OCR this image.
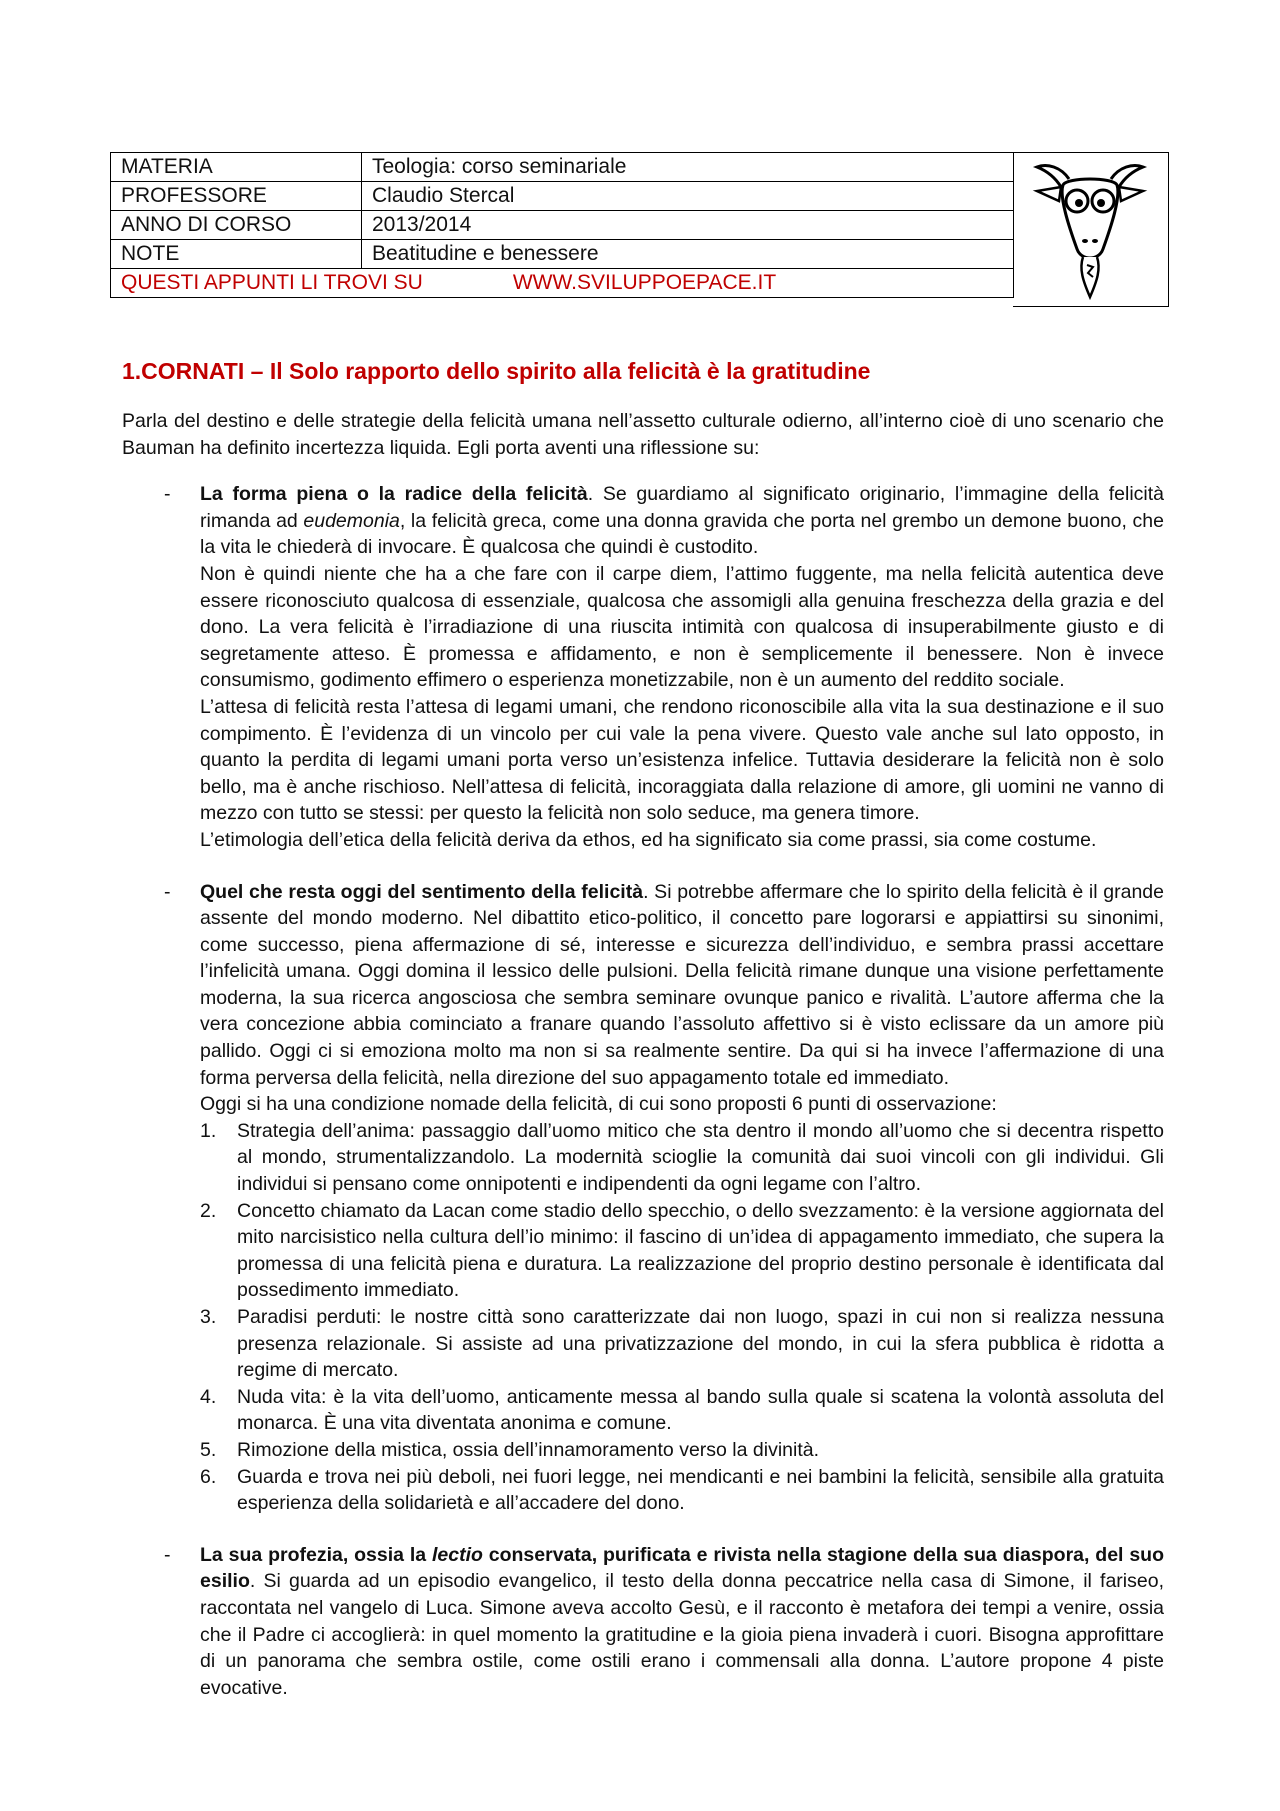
MATERIA	Teologia: corso seminariale
PROFESSORE	Claudio Stercal
ANNO DI CORSO	2013/2014
NOTE	Beatitudine e benessere
QUESTI APPUNTI LI TROVI SU WWW.SVILUPPOEPACE.IT	
1.CORNATI – Il Solo rapporto dello spirito alla felicità è la gratitudine

Parla del destino e delle strategie della felicità umana nell’assetto culturale odierno, all’interno cioè di uno scenario che Bauman ha definito incertezza liquida. Egli porta aventi una riflessione su:

- La forma piena o la radice della felicità. Se guardiamo al significato originario, l’immagine della felicità rimanda ad eudemonia, la felicità greca, come una donna gravida che porta nel grembo un demone buono, che la vita le chiederà di invocare. È qualcosa che quindi è custodito.
Non è quindi niente che ha a che fare con il carpe diem, l’attimo fuggente, ma nella felicità autentica deve essere riconosciuto qualcosa di essenziale, qualcosa che assomigli alla genuina freschezza della grazia e del dono. La vera felicità è l’irradiazione di una riuscita intimità con qualcosa di insuperabilmente giusto e di segretamente atteso. È promessa e affidamento, e non è semplicemente il benessere. Non è invece consumismo, godimento effimero o esperienza monetizzabile, non è un aumento del reddito sociale.
L’attesa di felicità resta l’attesa di legami umani, che rendono riconoscibile alla vita la sua destinazione e il suo compimento. È l’evidenza di un vincolo per cui vale la pena vivere. Questo vale anche sul lato opposto, in quanto la perdita di legami umani porta verso un’esistenza infelice. Tuttavia desiderare la felicità non è solo bello, ma è anche rischioso. Nell’attesa di felicità, incoraggiata dalla relazione di amore, gli uomini ne vanno di mezzo con tutto se stessi: per questo la felicità non solo seduce, ma genera timore.
L’etimologia dell’etica della felicità deriva da ethos, ed ha significato sia come prassi, sia come costume.
- Quel che resta oggi del sentimento della felicità. Si potrebbe affermare che lo spirito della felicità è il grande assente del mondo moderno. Nel dibattito etico-politico, il concetto pare logorarsi e appiattirsi su sinonimi, come successo, piena affermazione di sé, interesse e sicurezza dell’individuo, e sembra prassi accettare l’infelicità umana. Oggi domina il lessico delle pulsioni. Della felicità rimane dunque una visione perfettamente moderna, la sua ricerca angosciosa che sembra seminare ovunque panico e rivalità. L’autore afferma che la vera concezione abbia cominciato a franare quando l’assoluto affettivo si è visto eclissare da un amore più pallido. Oggi ci si emoziona molto ma non si sa realmente sentire. Da qui si ha invece l’affermazione di una forma perversa della felicità, nella direzione del suo appagamento totale ed immediato.
Oggi si ha una condizione nomade della felicità, di cui sono proposti 6 punti di osservazione:
1. Strategia dell’anima: passaggio dall’uomo mitico che sta dentro il mondo all’uomo che si decentra rispetto al mondo, strumentalizzandolo. La modernità scioglie la comunità dai suoi vincoli con gli individui. Gli individui si pensano come onnipotenti e indipendenti da ogni legame con l’altro.
2. Concetto chiamato da Lacan come stadio dello specchio, o dello svezzamento: è la versione aggiornata del mito narcisistico nella cultura dell’io minimo: il fascino di un’idea di appagamento immediato, che supera la promessa di una felicità piena e duratura. La realizzazione del proprio destino personale è identificata dal possedimento immediato.
3. Paradisi perduti: le nostre città sono caratterizzate dai non luogo, spazi in cui non si realizza nessuna presenza relazionale. Si assiste ad una privatizzazione del mondo, in cui la sfera pubblica è ridotta a regime di mercato.
4. Nuda vita: è la vita dell’uomo, anticamente messa al bando sulla quale si scatena la volontà assoluta del monarca. È una vita diventata anonima e comune.
5. Rimozione della mistica, ossia dell’innamoramento verso la divinità.
6. Guarda e trova nei più deboli, nei fuori legge, nei mendicanti e nei bambini la felicità, sensibile alla gratuita esperienza della solidarietà e all’accadere del dono.
- La sua profezia, ossia la lectio conservata, purificata e rivista nella stagione della sua diaspora, del suo esilio. Si guarda ad un episodio evangelico, il testo della donna peccatrice nella casa di Simone, il fariseo, raccontata nel vangelo di Luca. Simone aveva accolto Gesù, e il racconto è metafora dei tempi a venire, ossia che il Padre ci accoglierà: in quel momento la gratitudine e la gioia piena invaderà i cuori. Bisogna approfittare di un panorama che sembra ostile, come ostili erano i commensali alla donna. L’autore propone 4 piste evocative.
